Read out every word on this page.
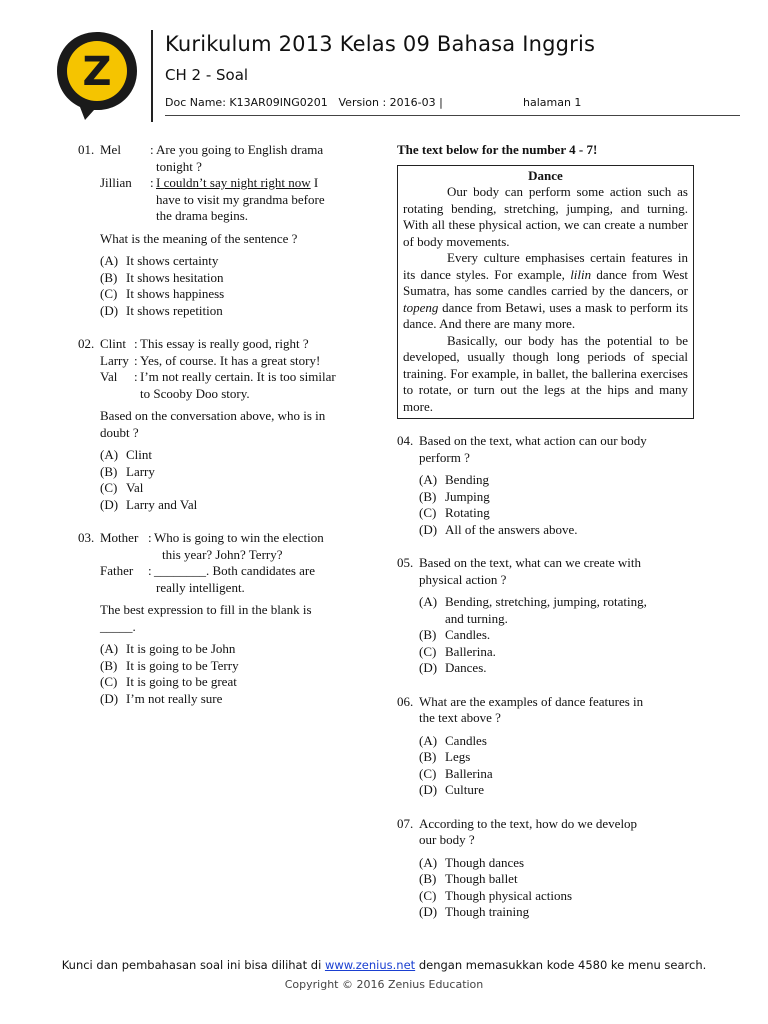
Z
Kurikulum 2013 Kelas 09 Bahasa Inggris
CH 2 - Soal
Doc Name: K13AR09ING0201 Version : 2016-03 |	halaman 1
01. Mel	: Are you going to English drama
tonight ?
Jillian	: I couldn’t say night right now I
have to visit my grandma before
the drama begins.
What is the meaning of the sentence ?
(A) It shows certainty
(B) It shows hesitation
(C) It shows happiness
(D) It shows repetition
02. Clint : This essay is really good, right ?
Larry : Yes, of course. It has a great story!
Val	: I’m not really certain. It is too similar
to Scooby Doo story.
Based on the conversation above, who is in
doubt ?
(A) Clint
(B) Larry
(C) Val
(D) Larry and Val
03. Mother : Who is going to win the election
this year? John? Terry?
Father	: ________. Both candidates are
really intelligent.
The best expression to fill in the blank is
_____.
(A) It is going to be John
(B) It is going to be Terry
(C) It is going to be great
(D) I’m not really sure
The text below for the number 4 - 7!
Dance

Our body can perform some action such as rotating bending, stretching, jumping, and turning. With all these physical action, we can create a number of body movements.

Every culture emphasises certain features in its dance styles. For example, lilin dance from West Sumatra, has some candles carried by the dancers, or topeng dance from Betawi, uses a mask to perform its dance. And there are many more.

Basically, our body has the potential to be developed, usually though long periods of special training. For example, in ballet, the ballerina exercises to rotate, or turn out the legs at the hips and many more.

04. Based on the text, what action can our body
perform ?
(A) Bending
(B) Jumping
(C) Rotating
(D) All of the answers above.
05. Based on the text, what can we create with
physical action ?
(A) Bending, stretching, jumping, rotating,
and turning.
(B) Candles.
(C) Ballerina.
(D) Dances.
06. What are the examples of dance features in
the text above ?
(A) Candles
(B) Legs
(C) Ballerina
(D) Culture
07. According to the text, how do we develop
our body ?
(A) Though dances
(B) Though ballet
(C) Though physical actions
(D) Though training
Kunci dan pembahasan soal ini bisa dilihat di www.zenius.net dengan memasukkan kode 4580 ke menu search.
Copyright © 2016 Zenius Education
